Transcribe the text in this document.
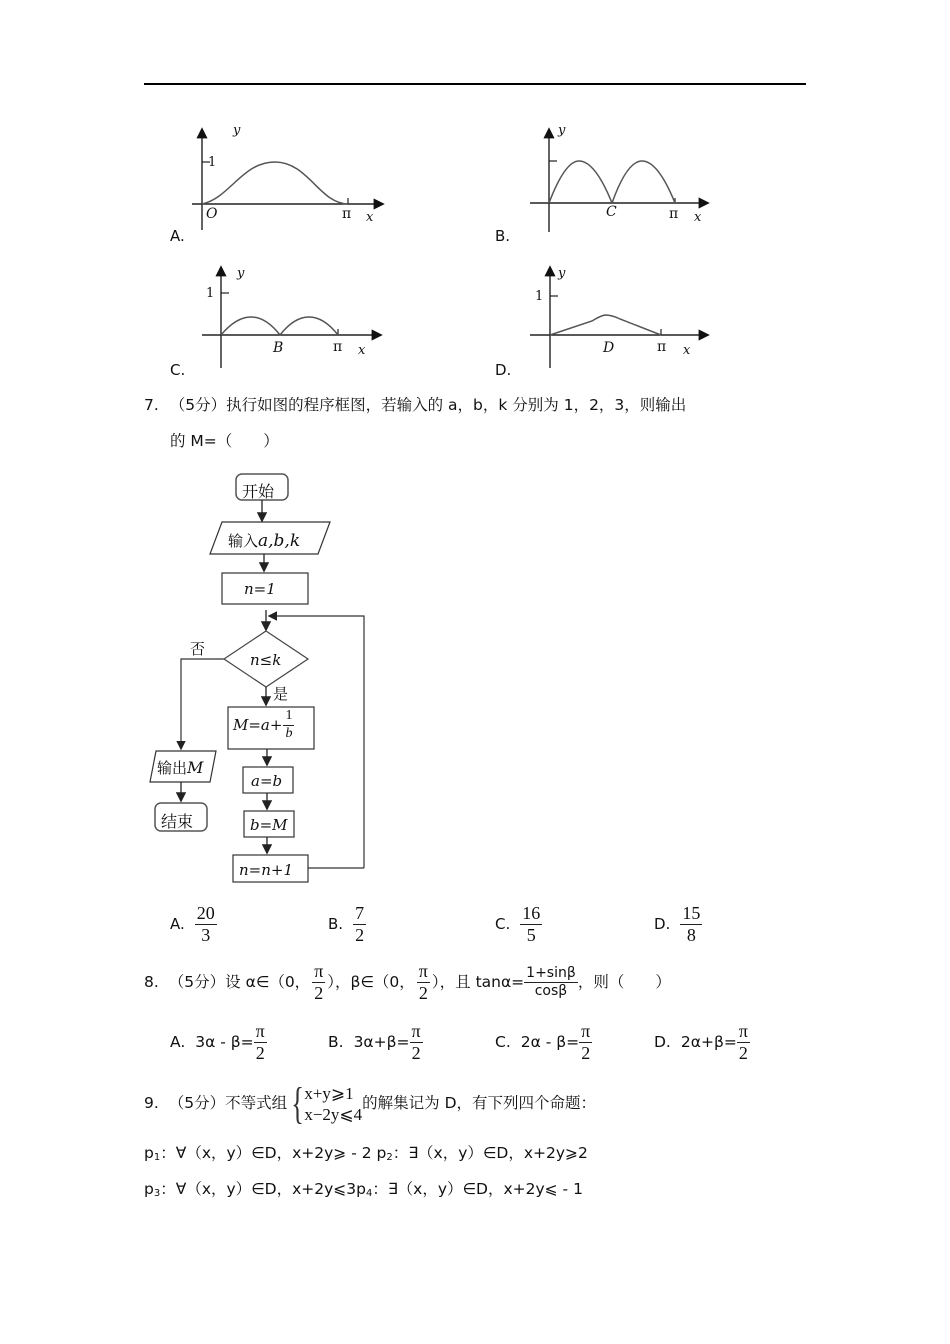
y
1
O	π x
A.
y
C	π x
B.
y
1
B	π x
C.
y
1
D	π x
D.
7. （5分）执行如图的程序框图，若输入的 a，b，k 分别为 1，2，3，则输出
的 M=（　　）
开始
输入a,b,k
n=1
n≤k
否
是
$M=a+ \frac{1}{b}$
a=b
b=M
n=n+1
输出M
结束
A. $\frac{20}{3}$	B. $\frac{7}{2}$	C. $\frac{16}{5}$	D. $\frac{15}{8}$
8. （5分） 设 α∈（0， $\frac{\pi}{2}$ ），β∈（0， $\frac{\pi}{2}$ ），且 $\tan\alpha= \frac{1+\sin\beta}{\cos\beta}$ ，则（　　）
A. $3\alpha - \beta= \frac{\pi}{2}$	B. $3\alpha+\beta= \frac{\pi}{2}$	C. $2\alpha - \beta= \frac{\pi}{2}$	D. $2\alpha+\beta= \frac{\pi}{2}$
9. （5分） 不等式组 { x+y⩾1
x−2y⩽4
的解集记为 D，有下列四个命题：
$p_1$：∀（x，y）∈D，x+2y⩾ - 2 $p_2$：∃（x，y）∈D，x+2y⩾2
$p_3$：∀（x，y）∈D，$x+2y⩽3p_4$：∃（x，y）∈D，x+2y⩽ - 1
